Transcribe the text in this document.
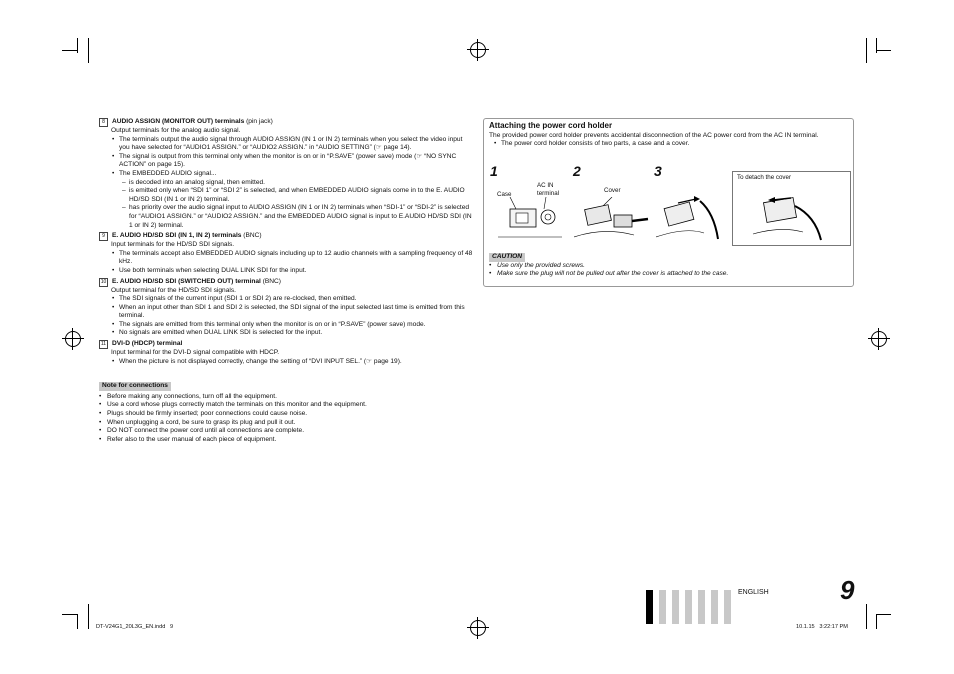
8 AUDIO ASSIGN (MONITOR OUT) terminals (pin jack)
Output terminals for the analog audio signal.
• The terminals output the audio signal through AUDIO ASSIGN (IN 1 or IN 2) terminals when you select the video input you have selected for “AUDIO1 ASSIGN.” or “AUDIO2 ASSIGN.” in “AUDIO SETTING” (☞ page 14).
• The signal is output from this terminal only when the monitor is on or in “P.SAVE” (power save) mode (☞ “NO SYNC ACTION” on page 15).
• The EMBEDDED AUDIO signal...
– is decoded into an analog signal, then emitted.
– is emitted only when “SDI 1” or “SDI 2” is selected, and when EMBEDDED AUDIO signals come in to the E. AUDIO HD/SD SDI (IN 1 or IN 2) terminal.
– has priority over the audio signal input to AUDIO ASSIGN (IN 1 or IN 2) terminals when “SDI-1” or “SDI-2” is selected for “AUDIO1 ASSIGN.” or “AUDIO2 ASSIGN.” and the EMBEDDED AUDIO signal is input to E.AUDIO HD/SD SDI (IN 1 or IN 2) terminal.
9 E. AUDIO HD/SD SDI (IN 1, IN 2) terminals (BNC)
Input terminals for the HD/SD SDI signals.
• The terminals accept also EMBEDDED AUDIO signals including up to 12 audio channels with a sampling frequency of 48 kHz.
• Use both terminals when selecting DUAL LINK SDI for the input.
10 E. AUDIO HD/SD SDI (SWITCHED OUT) terminal (BNC)
Output terminal for the HD/SD SDI signals.
• The SDI signals of the current input (SDI 1 or SDI 2) are re-clocked, then emitted.
• When an input other than SDI 1 and SDI 2 is selected, the SDI signal of the input selected last time is emitted from this terminal.
• The signals are emitted from this terminal only when the monitor is on or in “P.SAVE” (power save) mode.
• No signals are emitted when DUAL LINK SDI is selected for the input.
11 DVI-D (HDCP) terminal
Input terminal for the DVI-D signal compatible with HDCP.
• When the picture is not displayed correctly, change the setting of “DVI INPUT SEL.” (☞ page 19).
Note for connections
• Before making any connections, turn off all the equipment.
• Use a cord whose plugs correctly match the terminals on this monitor and the equipment.
• Plugs should be firmly inserted; poor connections could cause noise.
• When unplugging a cord, be sure to grasp its plug and pull it out.
• DO NOT connect the power cord until all connections are complete.
• Refer also to the user manual of each piece of equipment.
Attaching the power cord holder
The provided power cord holder prevents accidental disconnection of the AC power cord from the AC IN terminal.
• The power cord holder consists of two parts, a case and a cover.
1	2	3
Case
AC IN
terminal	Cover
To detach the cover
CAUTION
• Use only the provided screws.
• Make sure the plug will not be pulled out after the cover is attached to the case.
ENGLISH	9
DT-V24G1_20L3G_EN.indd   9	10.1.15   3:22:17 PM
